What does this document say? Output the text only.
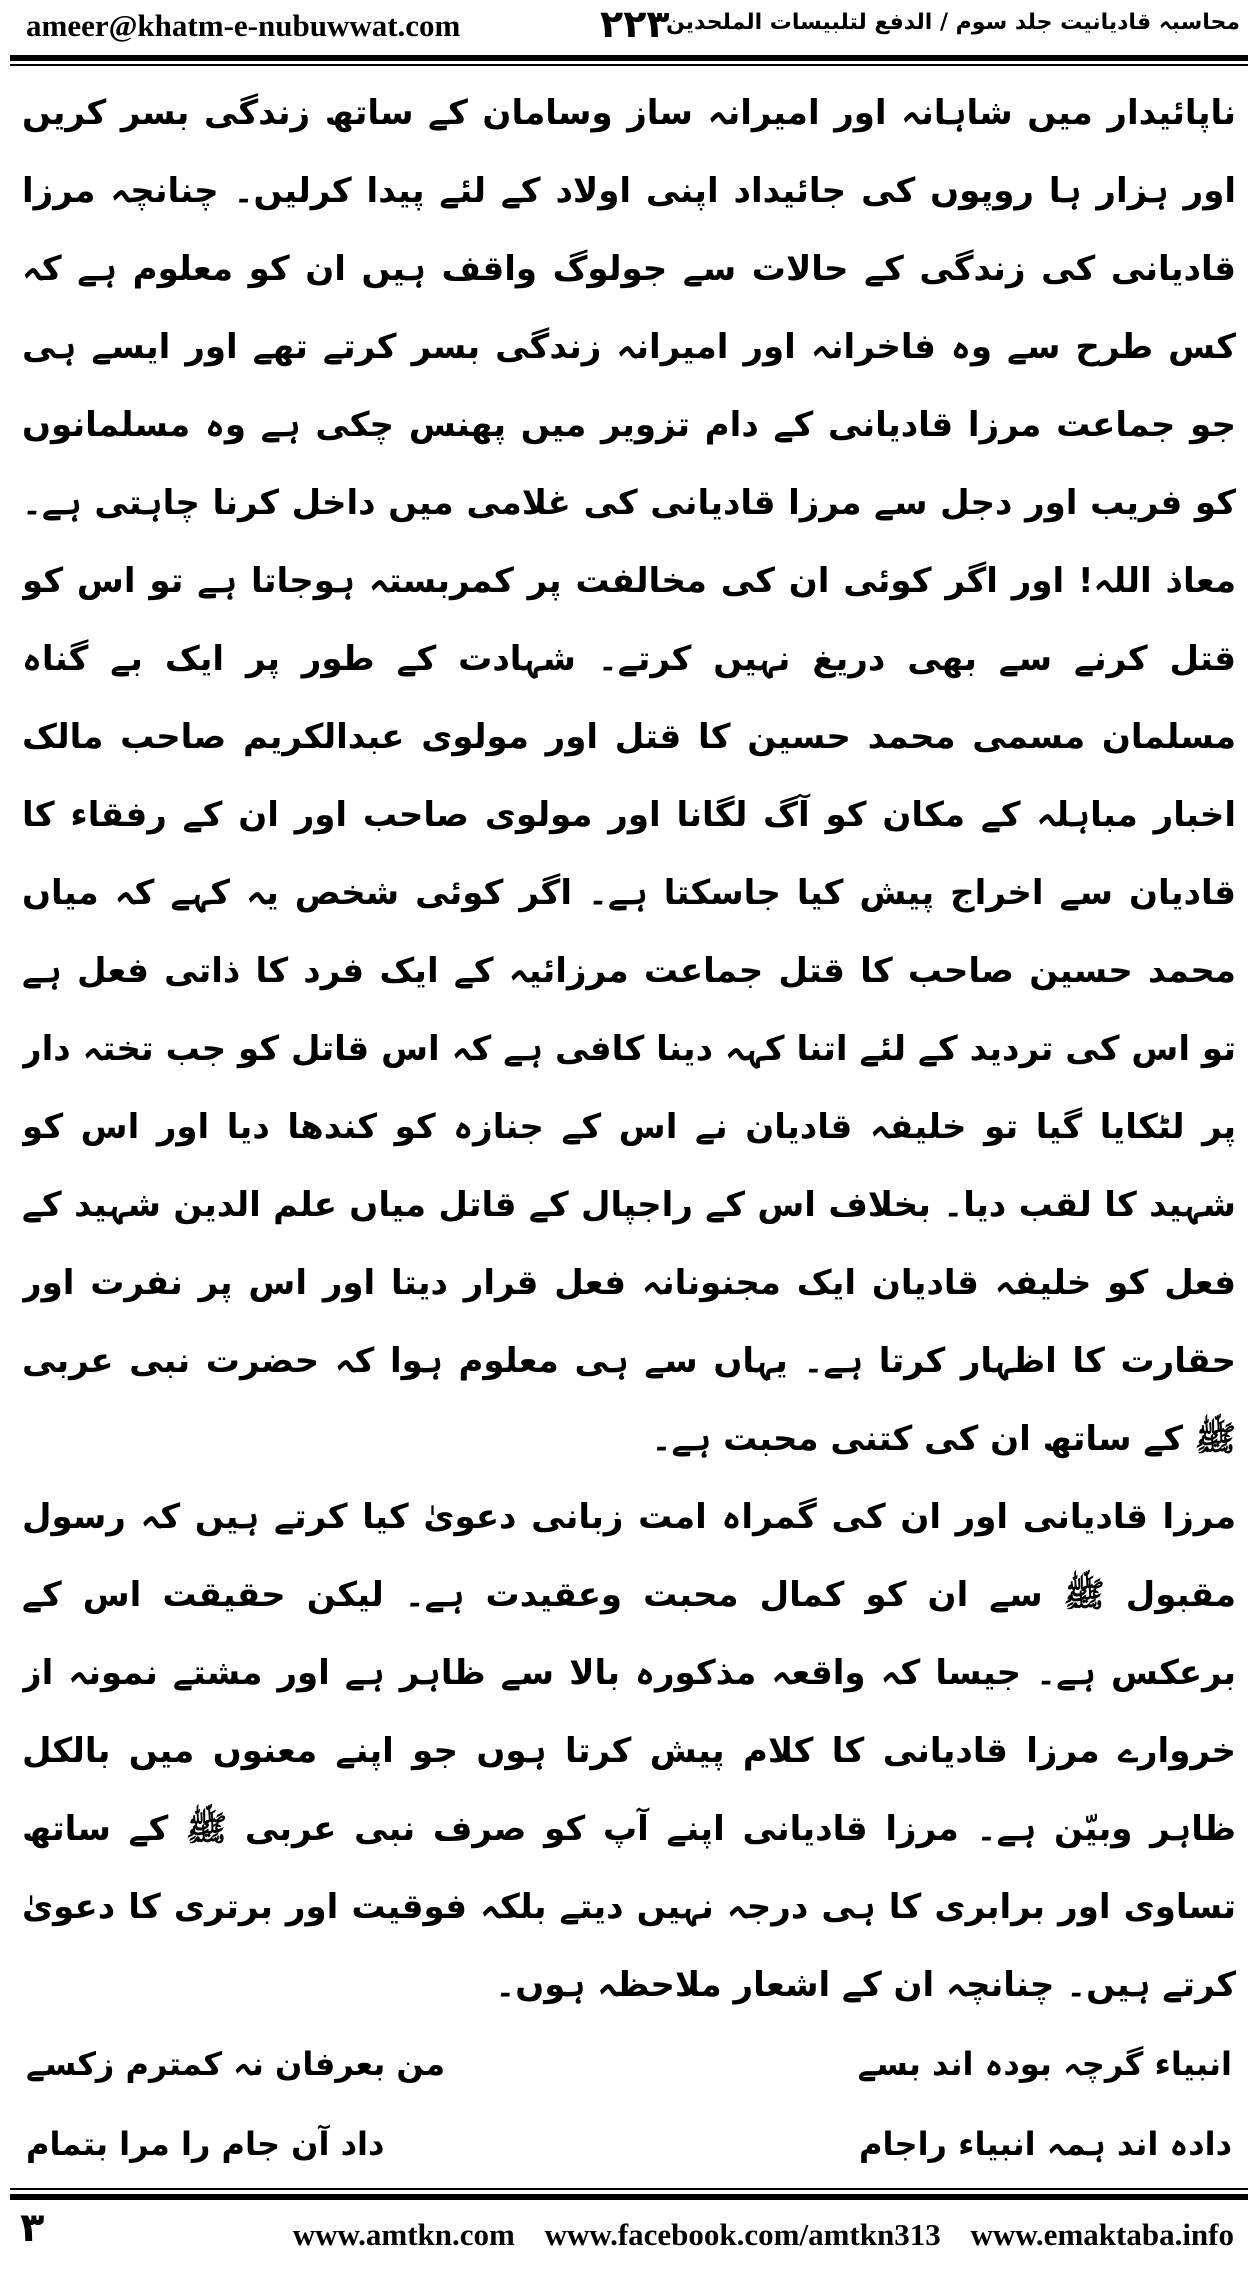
ameer@khatm-e-nubuwwat.com	۲۲۳
محاسبہ قادیانیت جلد سوم / الدفع لتلبیسات الملحدین

ناپائیدار میں شاہانہ اور امیرانہ ساز وسامان کے ساتھ زندگی بسر کریں اور ہزار ہا روپوں کی جائیداد اپنی اولاد کے لئے پیدا کرلیں۔ چنانچہ مرزا قادیانی کی زندگی کے حالات سے جولوگ واقف ہیں ان کو معلوم ہے کہ کس طرح سے وہ فاخرانہ اور امیرانہ زندگی بسر کرتے تھے اور ایسے ہی جو جماعت مرزا قادیانی کے دام تزویر میں پھنس چکی ہے وہ مسلمانوں کو فریب اور دجل سے مرزا قادیانی کی غلامی میں داخل کرنا چاہتی ہے۔ معاذ اللہ! اور اگر کوئی ان کی مخالفت پر کمربستہ ہوجاتا ہے تو اس کو قتل کرنے سے بھی دریغ نہیں کرتے۔ شہادت کے طور پر ایک بے گناہ مسلمان مسمی محمد حسین کا قتل اور مولوی عبدالکریم صاحب مالک اخبار مباہلہ کے مکان کو آگ لگانا اور مولوی صاحب اور ان کے رفقاء کا قادیان سے اخراج پیش کیا جاسکتا ہے۔ اگر کوئی شخص یہ کہے کہ میاں محمد حسین صاحب کا قتل جماعت مرزائیہ کے ایک فرد کا ذاتی فعل ہے تو اس کی تردید کے لئے اتنا کہہ دینا کافی ہے کہ اس قاتل کو جب تختہ دار پر لٹکایا گیا تو خلیفہ قادیان نے اس کے جنازہ کو کندھا دیا اور اس کو شہید کا لقب دیا۔ بخلاف اس کے راجپال کے قاتل میاں علم الدین شہید کے فعل کو خلیفہ قادیان ایک مجنونانہ فعل قرار دیتا اور اس پر نفرت اور حقارت کا اظہار کرتا ہے۔ یہاں سے ہی معلوم ہوا کہ حضرت نبی عربی ﷺ کے ساتھ ان کی کتنی محبت ہے۔

مرزا قادیانی اور ان کی گمراہ امت زبانی دعویٰ کیا کرتے ہیں کہ رسول مقبول ﷺ سے ان کو کمال محبت وعقیدت ہے۔ لیکن حقیقت اس کے برعکس ہے۔ جیسا کہ واقعہ مذکورہ بالا سے ظاہر ہے اور مشتے نمونہ از خروارے مرزا قادیانی کا کلام پیش کرتا ہوں جو اپنے معنوں میں بالکل ظاہر وبیّن ہے۔ مرزا قادیانی اپنے آپ کو صرف نبی عربی ﷺ کے ساتھ تساوی اور برابری کا ہی درجہ نہیں دیتے بلکہ فوقیت اور برتری کا دعویٰ کرتے ہیں۔ چنانچہ ان کے اشعار ملاحظہ ہوں۔

انبیاء گرچہ بودہ اند بسے
من بعرفان نہ کمترم زکسے
دادہ اند ہمہ انبیاء راجام
داد آن جام را مرا بتمام

۳	www.amtkn.com www.facebook.com/amtkn313 www.emaktaba.info
